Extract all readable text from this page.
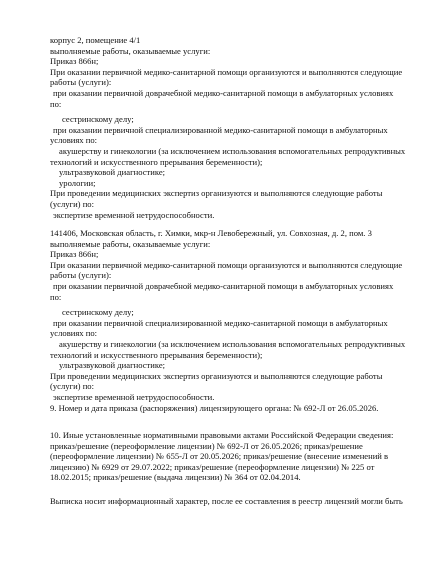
корпус 2, помещение 4/1
выполняемые работы, оказываемые услуги:
Приказ 866н;
При оказании первичной медико-санитарной помощи организуются и выполняются следующие
работы (услуги):
при оказании первичной доврачебной медико-санитарной помощи в амбулаторных условиях
по:
сестринскому делу;
при оказании первичной специализированной медико-санитарной помощи в амбулаторных
условиях по:
акушерству и гинекологии (за исключением использования вспомогательных репродуктивных
технологий и искусственного прерывания беременности);
ультразвуковой диагностике;
урологии;
При проведении медицинских экспертиз организуются и выполняются следующие работы
(услуги) по:
экспертизе временной нетрудоспособности.
141406, Московская область, г. Химки, мкр-н Левобережный, ул. Совхозная, д. 2, пом. 3
выполняемые работы, оказываемые услуги:
Приказ 866н;
При оказании первичной медико-санитарной помощи организуются и выполняются следующие
работы (услуги):
при оказании первичной доврачебной медико-санитарной помощи в амбулаторных условиях
по:
сестринскому делу;
при оказании первичной специализированной медико-санитарной помощи в амбулаторных
условиях по:
акушерству и гинекологии (за исключением использования вспомогательных репродуктивных
технологий и искусственного прерывания беременности);
ультразвуковой диагностике;
При проведении медицинских экспертиз организуются и выполняются следующие работы
(услуги) по:
экспертизе временной нетрудоспособности.
9. Номер и дата приказа (распоряжения) лицензирующего органа: № 692-Л от 26.05.2026.
10. Иные установленные нормативными правовыми актами Российской Федерации сведения:
приказ/решение (переоформление лицензии) № 692-Л от 26.05.2026; приказ/решение
(переоформление лицензии) № 655-Л от 20.05.2026; приказ/решение (внесение изменений в
лицензию) № 6929 от 29.07.2022; приказ/решение (переоформление лицензии) № 225 от
18.02.2015; приказ/решение (выдача лицензии) № 364 от 02.04.2014.
Выписка носит информационный характер, после ее составления в реестр лицензий могли быть
